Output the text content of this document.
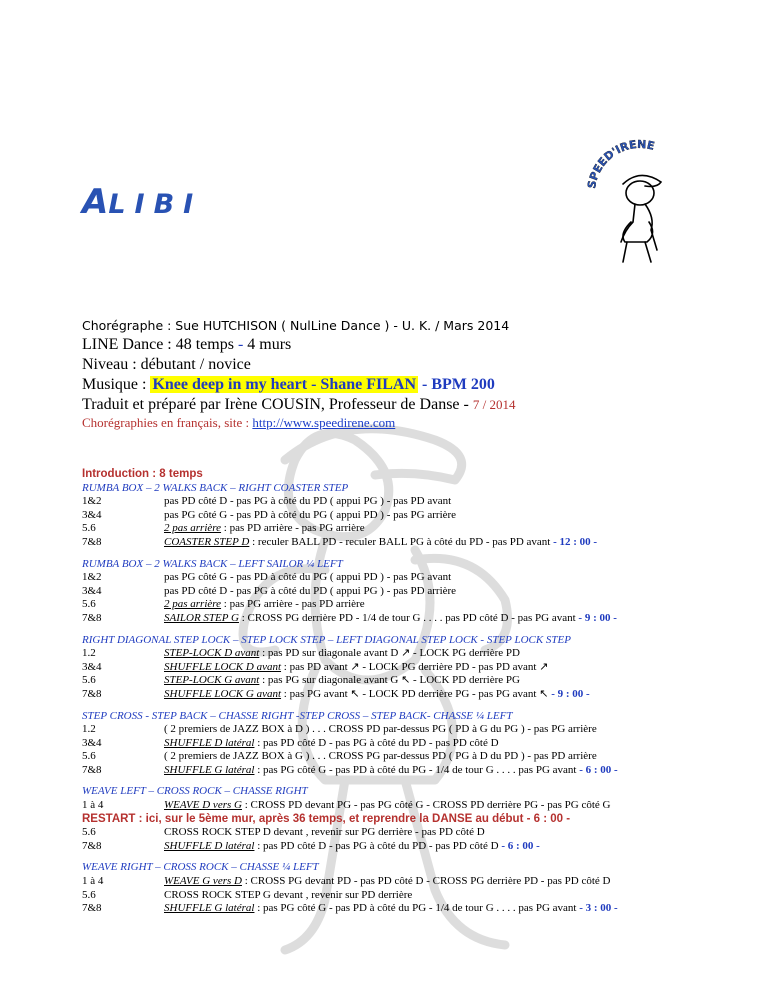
SPEED'IRENE
ALIBI
Chorégraphe : Sue HUTCHISON ( NulLine Dance ) - U. K. / Mars 2014
LINE Dance : 48 temps - 4 murs
Niveau : débutant / novice
Musique : Knee deep in my heart - Shane FILAN - BPM 200
Traduit et préparé par Irène COUSIN, Professeur de Danse - 7 / 2014
Chorégraphies en français, site : http://www.speedirene.com
Introduction : 8 temps
RUMBA BOX – 2 WALKS BACK – RIGHT COASTER STEP
1&2	pas PD côté D - pas PG à côté du PD ( appui PG ) - pas PD avant
3&4	pas PG côté G - pas PD à côté du PG ( appui PD ) - pas PG arrière
5.6	2 pas arrière : pas PD arrière - pas PG arrière
7&8	COASTER STEP D : reculer BALL PD - reculer BALL PG à côté du PD - pas PD avant - 12 : 00 -
RUMBA BOX – 2 WALKS BACK – LEFT SAILOR ¼ LEFT
1&2	pas PG côté G - pas PD à côté du PG ( appui PD ) - pas PG avant
3&4	pas PD côté D - pas PG à côté du PD ( appui PG ) - pas PD arrière
5.6	2 pas arrière : pas PG arrière - pas PD arrière
7&8	SAILOR STEP G : CROSS PG derrière PD - 1/4 de tour G . . . . pas PD côté D - pas PG avant - 9 : 00 -
RIGHT DIAGONAL STEP LOCK – STEP LOCK STEP – LEFT DIAGONAL STEP LOCK - STEP LOCK STEP
1.2	STEP-LOCK D avant : pas PD sur diagonale avant D ↗ - LOCK PG derrière PD
3&4	SHUFFLE LOCK D avant : pas PD avant ↗ - LOCK PG derrière PD - pas PD avant ↗
5.6	STEP-LOCK G avant : pas PG sur diagonale avant G ↖ - LOCK PD derrière PG
7&8	SHUFFLE LOCK G avant : pas PG avant ↖ - LOCK PD derrière PG - pas PG avant ↖ - 9 : 00 -
STEP CROSS - STEP BACK – CHASSE RIGHT -STEP CROSS – STEP BACK- CHASSE ¼ LEFT
1.2	( 2 premiers de JAZZ BOX à D ) . . . CROSS PD par-dessus PG ( PD à G du PG ) - pas PG arrière
3&4	SHUFFLE D latéral : pas PD côté D - pas PG à côté du PD - pas PD côté D
5.6	( 2 premiers de JAZZ BOX à G ) . . . CROSS PG par-dessus PD ( PG à D du PD ) - pas PD arrière
7&8	SHUFFLE G latéral : pas PG côté G - pas PD à côté du PG - 1/4 de tour G . . . . pas PG avant - 6 : 00 -
WEAVE LEFT – CROSS ROCK – CHASSE RIGHT
1 à 4	WEAVE D vers G : CROSS PD devant PG - pas PG côté G - CROSS PD derrière PG - pas PG côté G
RESTART : ici, sur le 5ème mur, après 36 temps, et reprendre la DANSE au début - 6 : 00 -
5.6	CROSS ROCK STEP D devant , revenir sur PG derrière - pas PD côté D
7&8	SHUFFLE D latéral : pas PD côté D - pas PG à côté du PD - pas PD côté D - 6 : 00 -
WEAVE RIGHT – CROSS ROCK – CHASSE ¼ LEFT
1 à 4	WEAVE G vers D : CROSS PG devant PD - pas PD côté D - CROSS PG derrière PD - pas PD côté D
5.6	CROSS ROCK STEP G devant , revenir sur PD derrière
7&8	SHUFFLE G latéral : pas PG côté G - pas PD à côté du PG - 1/4 de tour G . . . . pas PG avant - 3 : 00 -
